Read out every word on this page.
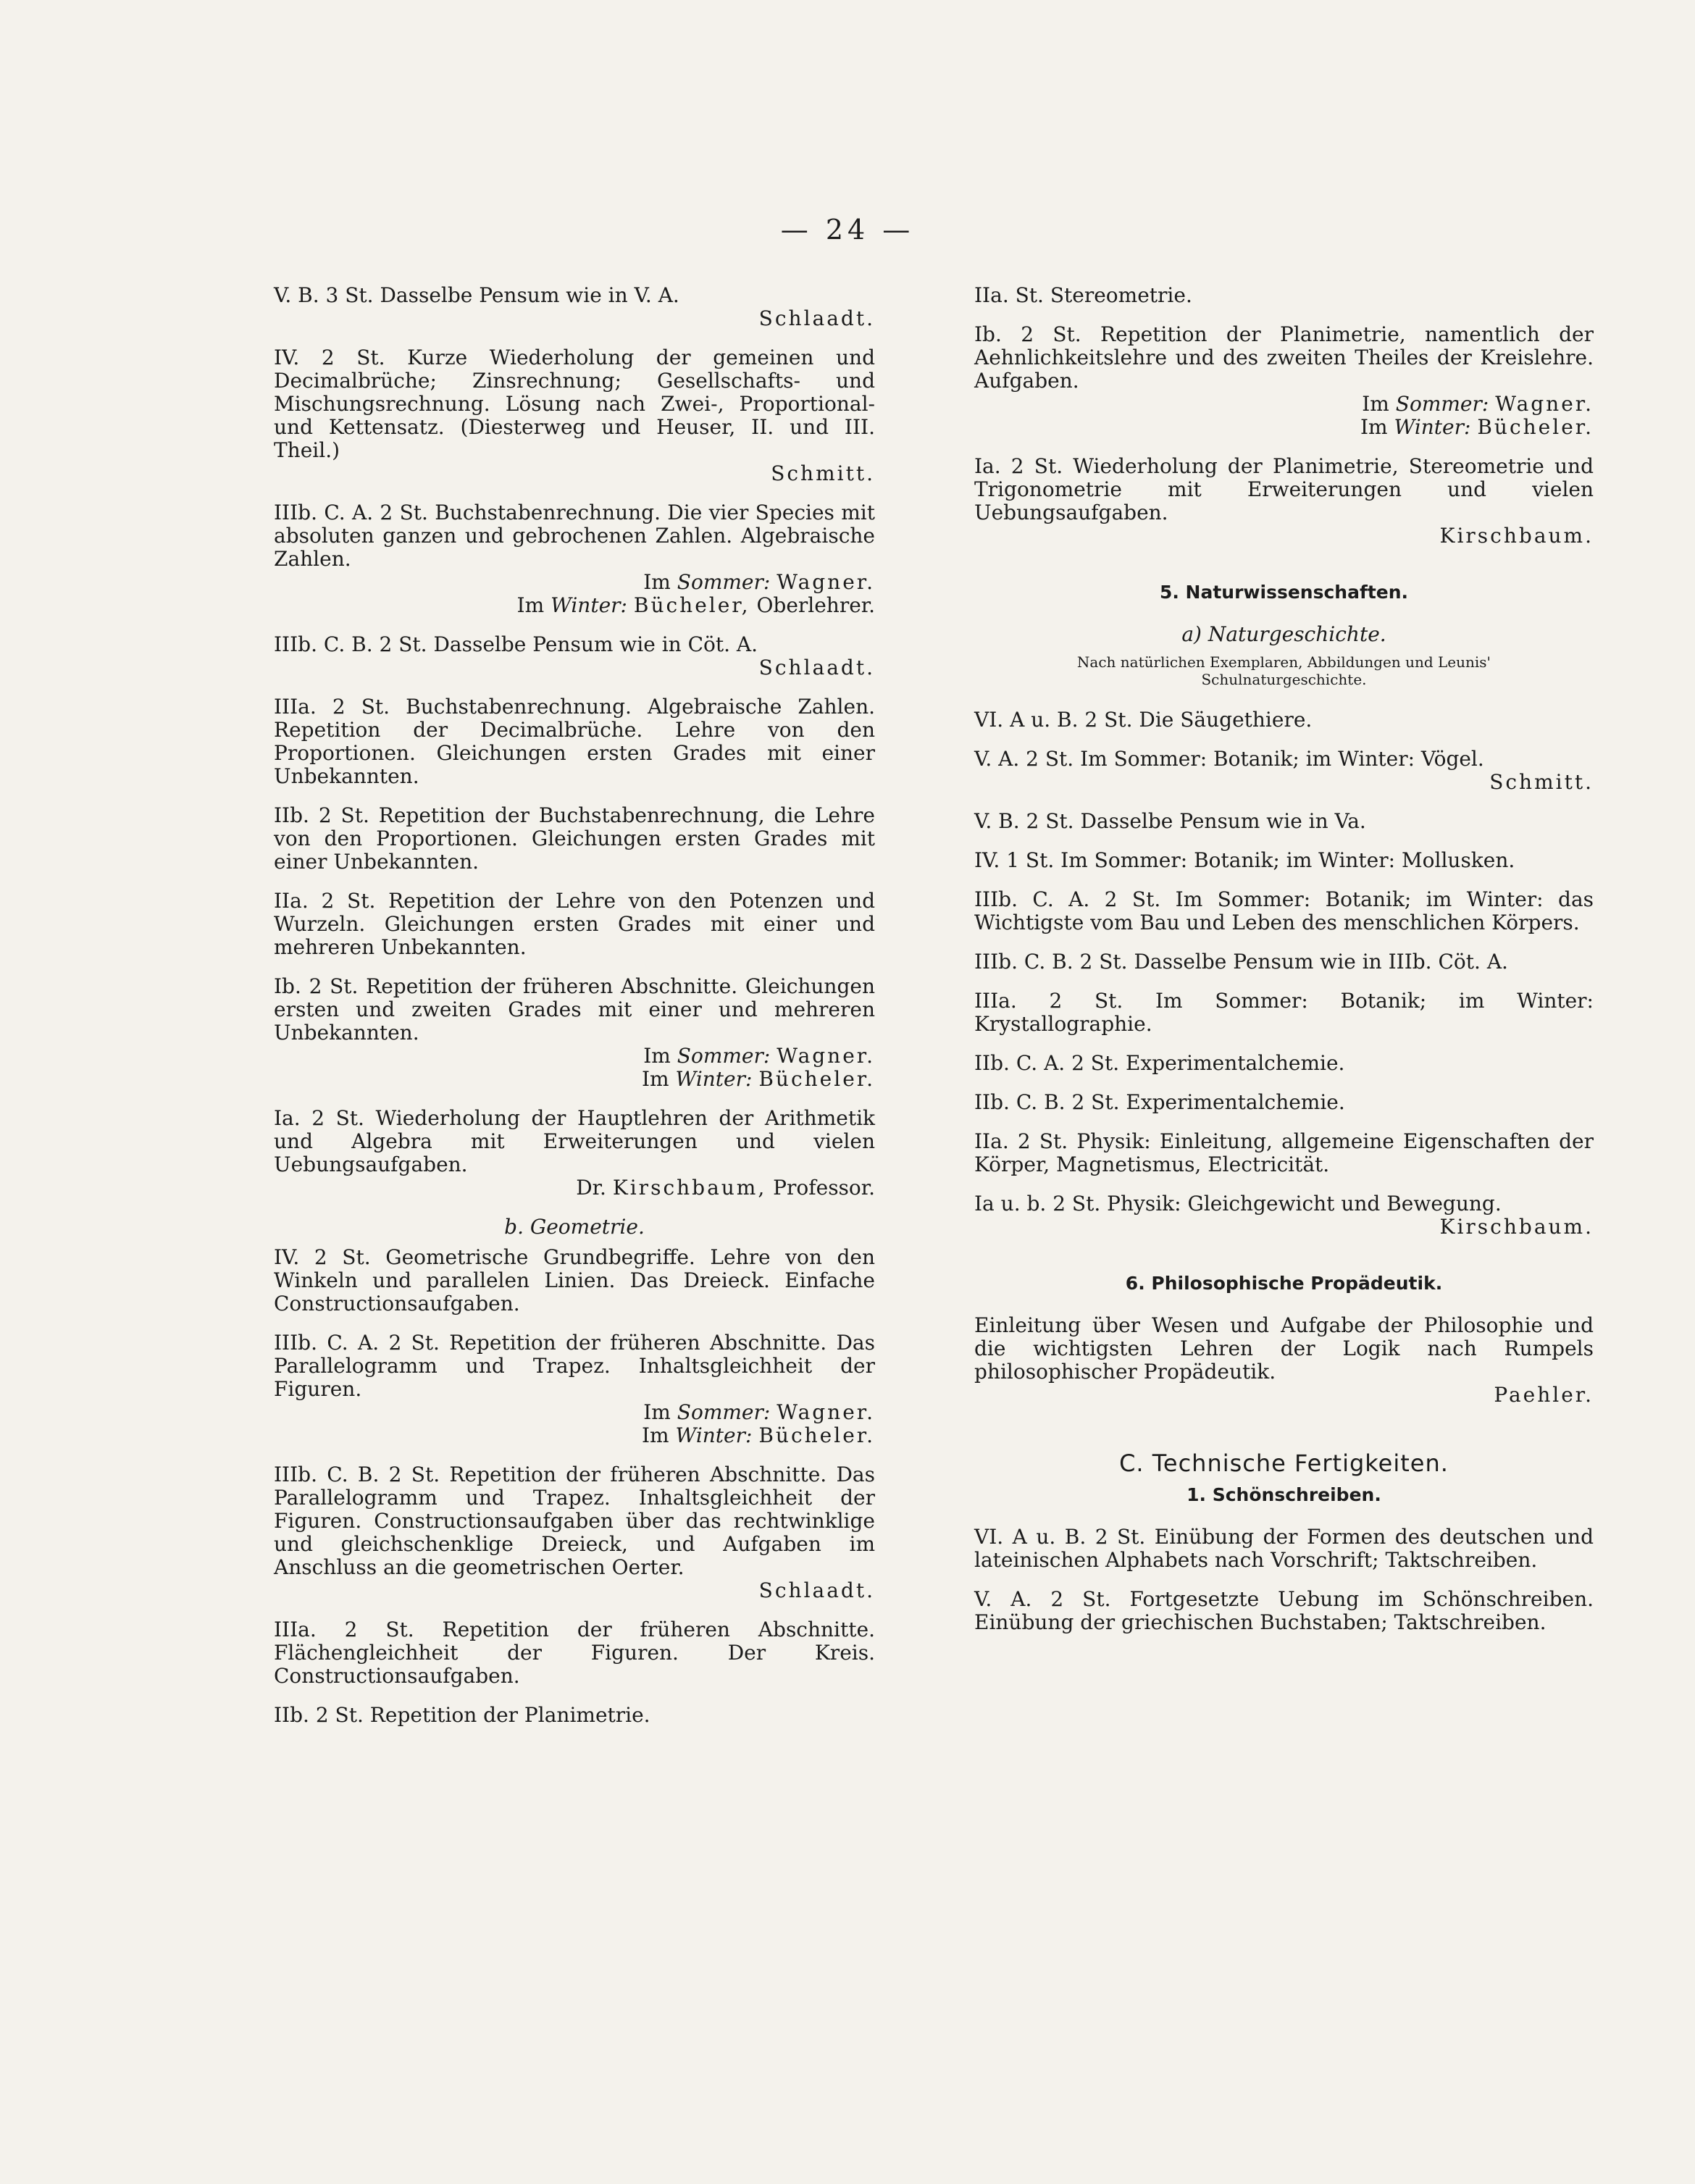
— 24 —

V. B. 3 St. Dasselbe Pensum wie in V. A.

Schlaadt.

IV. 2 St. Kurze Wiederholung der gemeinen und Decimalbrüche; Zinsrechnung; Gesellschafts- und Mischungsrechnung. Lösung nach Zwei-, Proportional- und Kettensatz. (Diesterweg und Heuser, II. und III. Theil.)

Schmitt.

IIIb. C. A. 2 St. Buchstabenrechnung. Die vier Species mit absoluten ganzen und gebrochenen Zahlen. Algebraische Zahlen.

Im Sommer: Wagner.
Im Winter: Bücheler, Oberlehrer.

IIIb. C. B. 2 St. Dasselbe Pensum wie in Cöt. A.

Schlaadt.

IIIa. 2 St. Buchstabenrechnung. Algebraische Zahlen. Repetition der Decimalbrüche. Lehre von den Proportionen. Gleichungen ersten Grades mit einer Unbekannten.

IIb. 2 St. Repetition der Buchstabenrechnung, die Lehre von den Proportionen. Gleichungen ersten Grades mit einer Unbekannten.

IIa. 2 St. Repetition der Lehre von den Potenzen und Wurzeln. Gleichungen ersten Grades mit einer und mehreren Unbekannten.

Ib. 2 St. Repetition der früheren Abschnitte. Gleichungen ersten und zweiten Grades mit einer und mehreren Unbekannten.

Im Sommer: Wagner.
Im Winter: Bücheler.

Ia. 2 St. Wiederholung der Hauptlehren der Arithmetik und Algebra mit Erweiterungen und vielen Uebungsaufgaben.

Dr. Kirschbaum, Professor.
b. Geometrie.

IV. 2 St. Geometrische Grundbegriffe. Lehre von den Winkeln und parallelen Linien. Das Dreieck. Einfache Constructionsaufgaben.

IIIb. C. A. 2 St. Repetition der früheren Abschnitte. Das Parallelogramm und Trapez. Inhaltsgleichheit der Figuren.

Im Sommer: Wagner.
Im Winter: Bücheler.

IIIb. C. B. 2 St. Repetition der früheren Abschnitte. Das Parallelogramm und Trapez. Inhaltsgleichheit der Figuren. Constructionsaufgaben über das rechtwinklige und gleichschenklige Dreieck, und Aufgaben im Anschluss an die geometrischen Oerter.

Schlaadt.

IIIa. 2 St. Repetition der früheren Abschnitte. Flächengleichheit der Figuren. Der Kreis. Constructionsaufgaben.

IIb. 2 St. Repetition der Planimetrie.

IIa. St. Stereometrie.

Ib. 2 St. Repetition der Planimetrie, namentlich der Aehnlichkeitslehre und des zweiten Theiles der Kreislehre. Aufgaben.

Im Sommer: Wagner.
Im Winter: Bücheler.

Ia. 2 St. Wiederholung der Planimetrie, Stereometrie und Trigonometrie mit Erweiterungen und vielen Uebungsaufgaben.

Kirschbaum.
5. Naturwissenschaften.
a) Naturgeschichte.
Nach natürlichen Exemplaren, Abbildungen und Leunis'
Schulnaturgeschichte.

VI. A u. B. 2 St. Die Säugethiere.

V. A. 2 St. Im Sommer: Botanik; im Winter: Vögel.

Schmitt.

V. B. 2 St. Dasselbe Pensum wie in Va.

IV. 1 St. Im Sommer: Botanik; im Winter: Mollusken.

IIIb. C. A. 2 St. Im Sommer: Botanik; im Winter: das Wichtigste vom Bau und Leben des menschlichen Körpers.

IIIb. C. B. 2 St. Dasselbe Pensum wie in IIIb. Cöt. A.

IIIa. 2 St. Im Sommer: Botanik; im Winter: Krystallographie.

IIb. C. A. 2 St. Experimentalchemie.

IIb. C. B. 2 St. Experimentalchemie.

IIa. 2 St. Physik: Einleitung, allgemeine Eigenschaften der Körper, Magnetismus, Electricität.

Ia u. b. 2 St. Physik: Gleichgewicht und Bewegung.

Kirschbaum.
6. Philosophische Propädeutik.

Einleitung über Wesen und Aufgabe der Philosophie und die wichtigsten Lehren der Logik nach Rumpels philosophischer Propädeutik.

Paehler.
C. Technische Fertigkeiten.
1. Schönschreiben.

VI. A u. B. 2 St. Einübung der Formen des deutschen und lateinischen Alphabets nach Vorschrift; Taktschreiben.

V. A. 2 St. Fortgesetzte Uebung im Schönschreiben. Einübung der griechischen Buchstaben; Taktschreiben.
